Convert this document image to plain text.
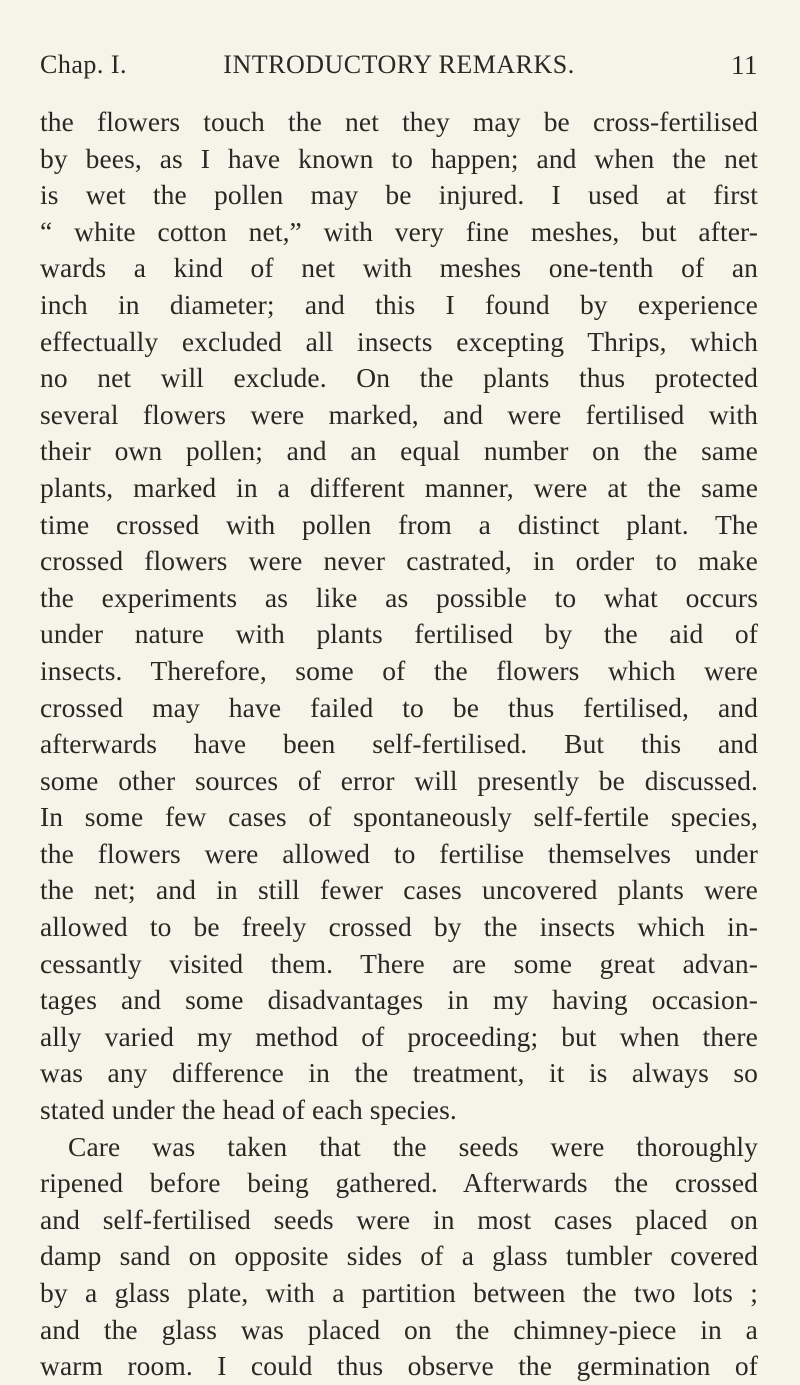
Chap. I.	INTRODUCTORY REMARKS.	11
the flowers touch the net they may be cross-fertilised
by bees, as I have known to happen; and when the net
is wet the pollen may be injured. I used at first
“ white cotton net,” with very fine meshes, but after-
wards a kind of net with meshes one-tenth of an
inch in diameter; and this I found by experience
effectually excluded all insects excepting Thrips, which
no net will exclude. On the plants thus protected
several flowers were marked, and were fertilised with
their own pollen; and an equal number on the same
plants, marked in a different manner, were at the same
time crossed with pollen from a distinct plant. The
crossed flowers were never castrated, in order to make
the experiments as like as possible to what occurs
under nature with plants fertilised by the aid of
insects. Therefore, some of the flowers which were
crossed may have failed to be thus fertilised, and
afterwards have been self-fertilised. But this and
some other sources of error will presently be discussed.
In some few cases of spontaneously self-fertile species,
the flowers were allowed to fertilise themselves under
the net; and in still fewer cases uncovered plants were
allowed to be freely crossed by the insects which in-
cessantly visited them. There are some great advan-
tages and some disadvantages in my having occasion-
ally varied my method of proceeding; but when there
was any difference in the treatment, it is always so
stated under the head of each species.
Care was taken that the seeds were thoroughly
ripened before being gathered. Afterwards the crossed
and self-fertilised seeds were in most cases placed on
damp sand on opposite sides of a glass tumbler covered
by a glass plate, with a partition between the two lots ;
and the glass was placed on the chimney-piece in a
warm room. I could thus observe the germination of
